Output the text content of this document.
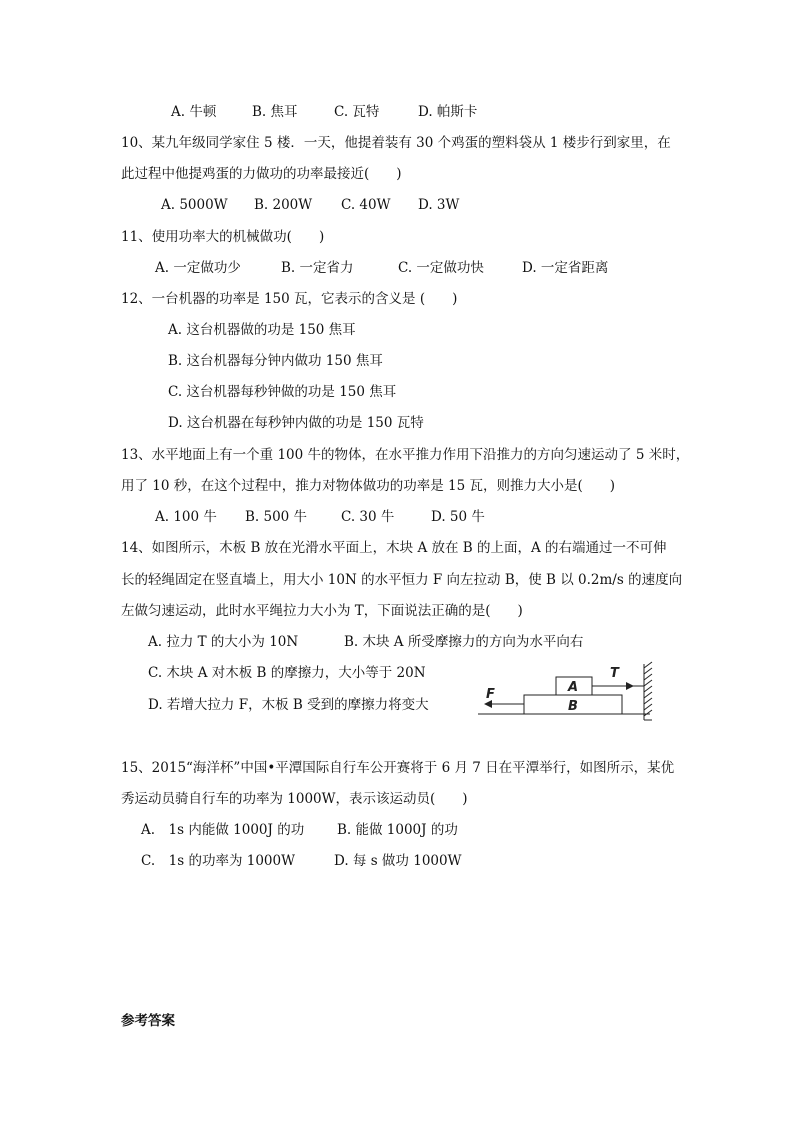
A. 牛顿	B. 焦耳	C. 瓦特	D. 帕斯卡
10、某九年级同学家住 5 楼．一天，他提着装有 30 个鸡蛋的塑料袋从 1 楼步行到家里，在
此过程中他提鸡蛋的力做功的功率最接近(　　)
A. 5000W B. 200W C. 40W D. 3W
11、使用功率大的机械做功(　　)
A. 一定做功少	B. 一定省力	C. 一定做功快	D. 一定省距离
12、一台机器的功率是 150 瓦，它表示的含义是 (　　)
A. 这台机器做的功是 150 焦耳
B. 这台机器每分钟内做功 150 焦耳
C. 这台机器每秒钟做的功是 150 焦耳
D. 这台机器在每秒钟内做的功是 150 瓦特
13、水平地面上有一个重 100 牛的物体，在水平推力作用下沿推力的方向匀速运动了 5 米时，
用了 10 秒，在这个过程中，推力对物体做功的功率是 15 瓦，则推力大小是(　　)
A. 100 牛 B. 500 牛	C. 30 牛	D. 50 牛
14、如图所示，木板 B 放在光滑水平面上，木块 A 放在 B 的上面，A 的右端通过一不可伸
长的轻绳固定在竖直墙上，用大小 10N 的水平恒力 F 向左拉动 B，使 B 以 0.2m/s 的速度向
左做匀速运动，此时水平绳拉力大小为 T，下面说法正确的是(　　)
A. 拉力 T 的大小为 10N	B. 木块 A 所受摩擦力的方向为水平向右
C. 木块 A 对木板 B 的摩擦力，大小等于 20N
D. 若增大拉力 F，木板 B 受到的摩擦力将变大	B
A
T
F
15、2015“海洋杯”中国•平潭国际自行车公开赛将于 6 月 7 日在平潭举行，如图所示，某优
秀运动员骑自行车的功率为 1000W，表示该运动员(　　)
A.　1s 内能做 1000J 的功 B. 能做 1000J 的功
C.　1s 的功率为 1000W	D. 每 s 做功 1000W
参考答案
